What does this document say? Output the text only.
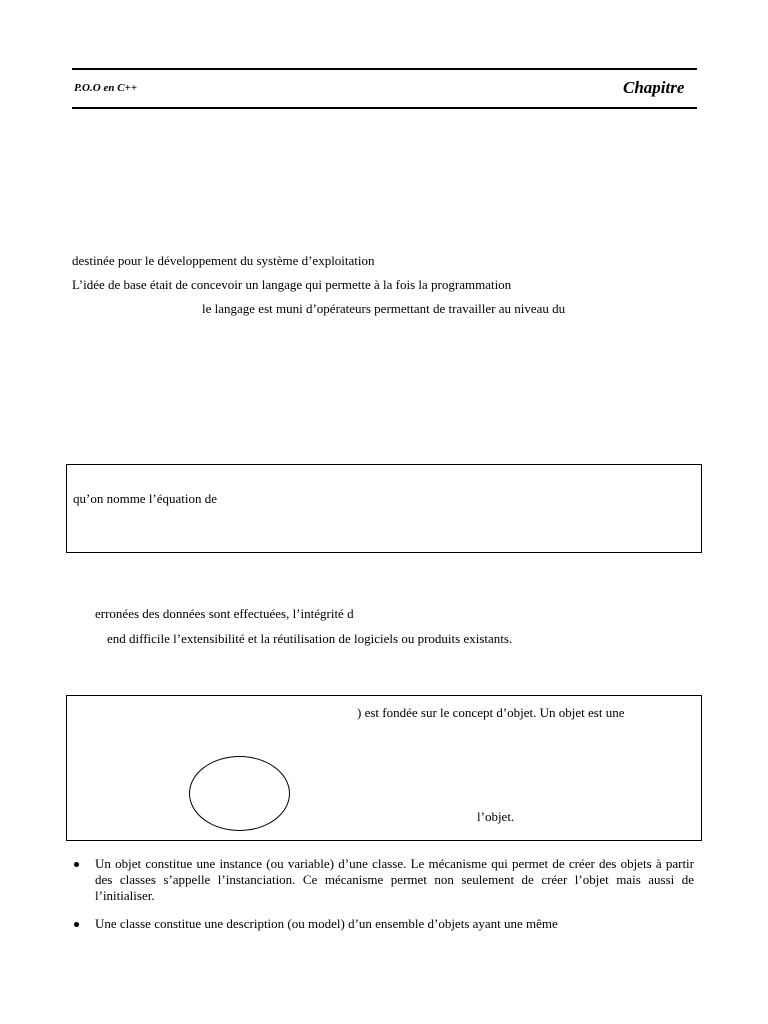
P.O.O en C++	Chapitre
destinée pour le développement du système d’exploitation
L’idée de base était de concevoir un langage qui permette à la fois la programmation
le langage est muni d’opérateurs permettant de travailler au niveau du
qu’on nomme l’équation de
erronées des données sont effectuées, l’intégrité d
end difficile l’extensibilité et la réutilisation de logiciels ou produits existants.
) est fondée sur le concept d’objet. Un objet est une
l’objet.
Un objet constitue une instance (ou variable) d’une classe. Le mécanisme qui permet de créer des objets à partir des classes s’appelle l’instanciation. Ce mécanisme permet non seulement de créer l’objet mais aussi de l’initialiser.
Une classe constitue une description (ou model) d’un ensemble d’objets ayant une même
